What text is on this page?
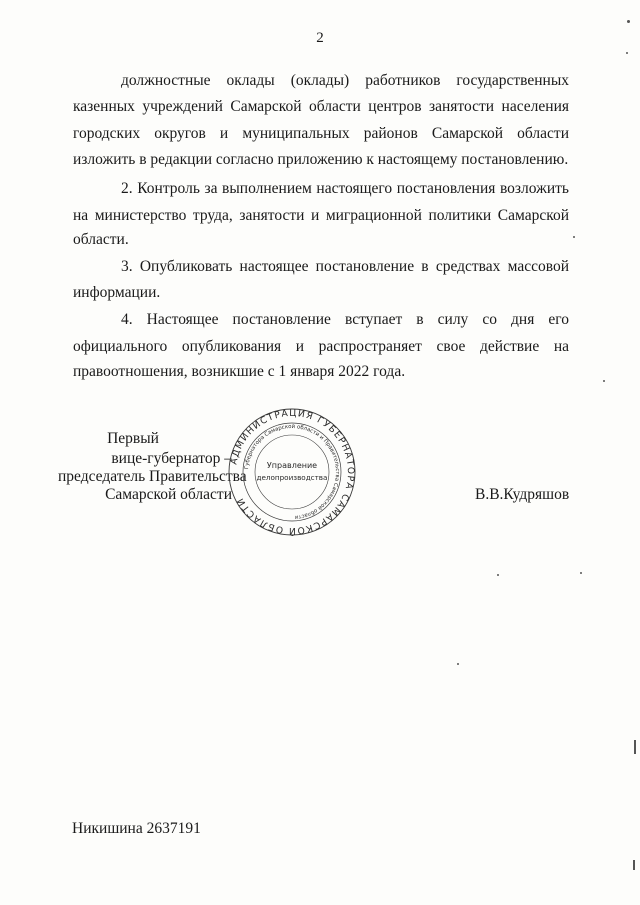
2
должностные оклады (оклады) работников государственных
казенных учреждений Самарской области центров занятости населения
городских округов и муниципальных районов Самарской области
изложить в редакции согласно приложению к настоящему постановлению.
2. Контроль за выполнением настоящего постановления возложить
на министерство труда, занятости и миграционной политики Самарской
области.
3. Опубликовать настоящее постановление в средствах массовой
информации.
4. Настоящее постановление вступает в силу со дня его
официального опубликования и распространяет свое действие на
правоотношения, возникшие с 1 января 2022 года.
Первый
вице-губернатор –
председатель Правительства
Самарской области	В.В.Кудряшов
АДМИНИСТРАЦИЯ ГУБЕРНАТОРА САМАРСКОЙ ОБЛАСТИ
Губернатора Самарской области и Правительства Самарской области
Управление
делопроизводства
Никишина 2637191
